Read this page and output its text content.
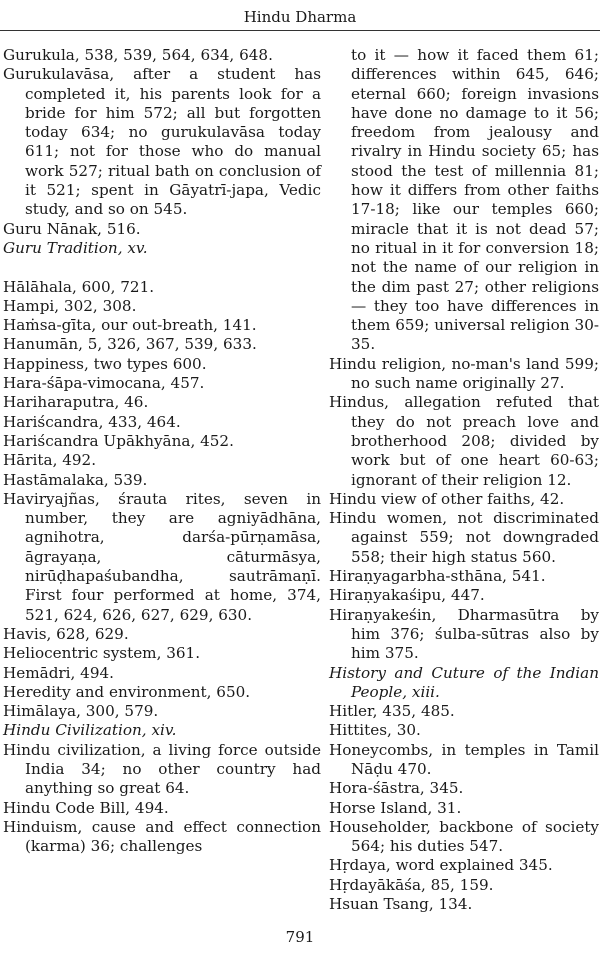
Hindu Dharma
Gurukula, 538, 539, 564, 634, 648.
Gurukulavāsa, after a student has completed it, his parents look for a bride for him 572; all but forgotten today 634; no gurukulavāsa today 611; not for those who do manual work 527; ritual bath on conclusion of it 521; spent in Gāyatrī-japa, Vedic study, and so on 545.
Guru Nānak, 516.
Guru Tradition, xv.
Hālāhala, 600, 721.
Hampi, 302, 308.
Haṁsa-gīta, our out-breath, 141.
Hanumān, 5, 326, 367, 539, 633.
Happiness, two types 600.
Hara-śāpa-vimocana, 457.
Hariharaputra, 46.
Hariścandra, 433, 464.
Hariścandra Upākhyāna, 452.
Hārita, 492.
Hastāmalaka, 539.
Haviryajñas, śrauta rites, seven in number, they are agniyādhāna, agnihotra, darśa-pūrṇamāsa, āgrayaṇa, cāturmāsya, nirūḍhapaśubandha, sautrāmaṇī. First four performed at home, 374, 521, 624, 626, 627, 629, 630.
Havis, 628, 629.
Heliocentric system, 361.
Hemādri, 494.
Heredity and environment, 650.
Himālaya, 300, 579.
Hindu Civilization, xiv.
Hindu civilization, a living force outside India 34; no other country had anything so great 64.
Hindu Code Bill, 494.
Hinduism, cause and effect connection (karma) 36; challenges
to it — how it faced them 61; differences within 645, 646; eternal 660; foreign invasions have done no damage to it 56; freedom from jealousy and rivalry in Hindu society 65; has stood the test of millennia 81; how it differs from other faiths 17-18; like our temples 660; miracle that it is not dead 57; no ritual in it for conversion 18; not the name of our religion in the dim past 27; other religions — they too have differences in them 659; universal religion 30-35.
Hindu religion, no-man's land 599; no such name originally 27.
Hindus, allegation refuted that they do not preach love and brotherhood 208; divided by work but of one heart 60-63; ignorant of their religion 12.
Hindu view of other faiths, 42.
Hindu women, not discriminated against 559; not downgraded 558; their high status 560.
Hiraṇyagarbha-sthāna, 541.
Hiraṇyakaśipu, 447.
Hiraṇyakeśin, Dharmasūtra by him 376; śulba-sūtras also by him 375.
History and Cuture of the Indian People, xiii.
Hitler, 435, 485.
Hittites, 30.
Honeycombs, in temples in Tamil Nāḍu 470.
Hora-śāstra, 345.
Horse Island, 31.
Householder, backbone of society 564; his duties 547.
Hṛdaya, word explained 345.
Hṛdayākāśa, 85, 159.
Hsuan Tsang, 134.
791
